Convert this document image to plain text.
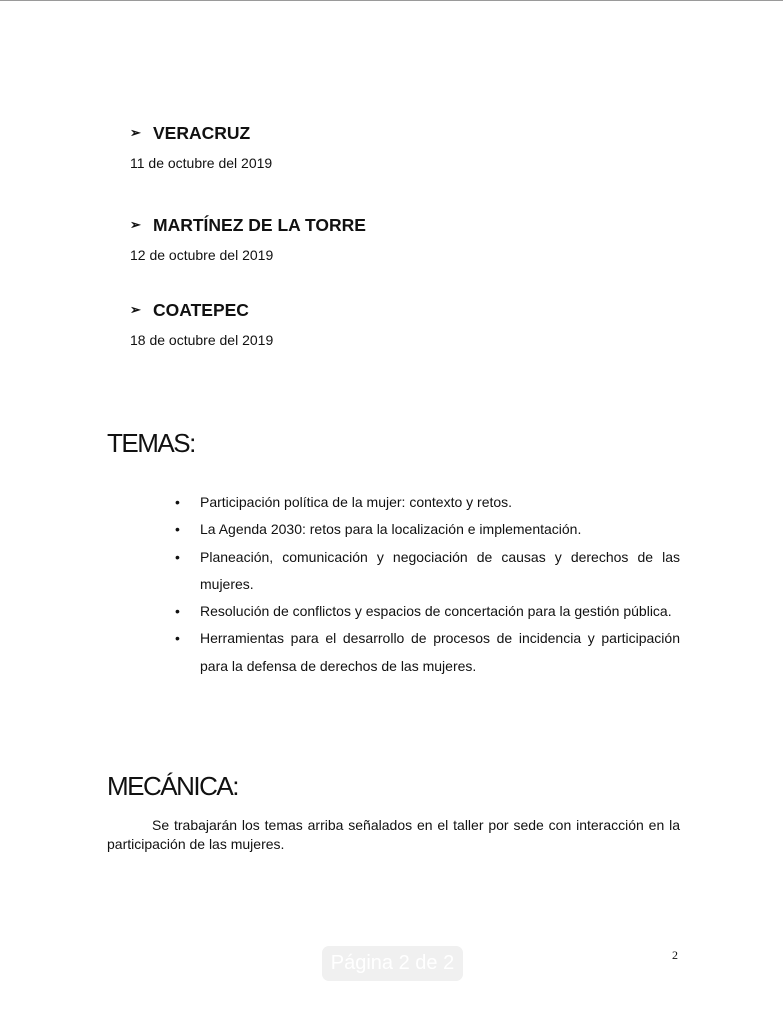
➢ VERACRUZ
11 de octubre del 2019
➢ MARTÍNEZ DE LA TORRE
12 de octubre del 2019
➢ COATEPEC
18 de octubre del 2019
TEMAS:
• Participación política de la mujer: contexto y retos.
• La Agenda 2030: retos para la localización e implementación.
• Planeación, comunicación y negociación de causas y derechos de las mujeres.
• Resolución de conflictos y espacios de concertación para la gestión pública.
• Herramientas para el desarrollo de procesos de incidencia y participación para la defensa de derechos de las mujeres.
MECÁNICA:

Se trabajarán los temas arriba señalados en el taller por sede con interacción en la participación de las mujeres.

2
Página 2 de 2
